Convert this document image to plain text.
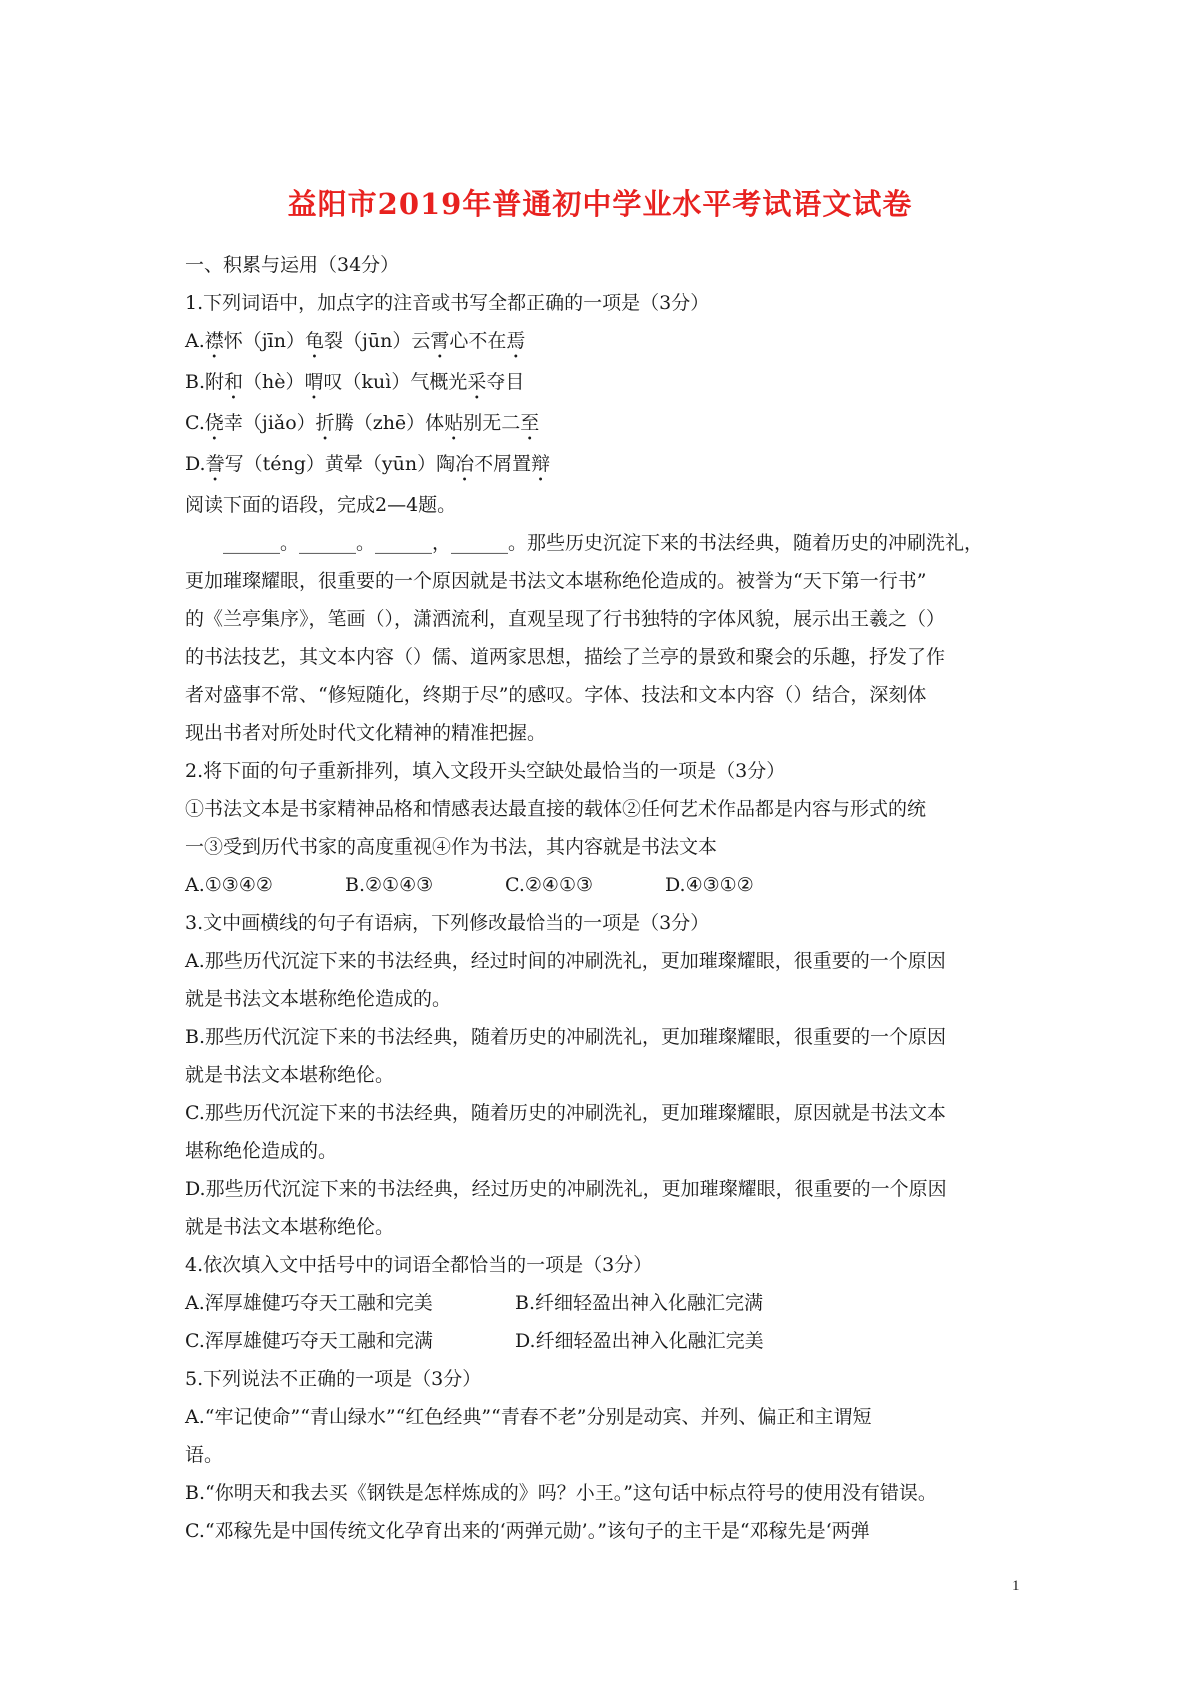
益阳市2019年普通初中学业水平考试语文试卷

一、积累与运用（34分）

1.下列词语中，加点字的注音或书写全都正确的一项是（3分）

A.襟怀（jīn）龟裂（jūn）云霄心不在焉

B.附和（hè）喟叹（kuì）气概光采夺目

C.侥幸（jiǎo）折腾（zhē）体贴别无二至

D.誊写（téng）黄晕（yūn）陶冶不屑置辩

阅读下面的语段，完成2—4题。

______。______。______，______。那些历史沉淀下来的书法经典，随着历史的冲刷洗礼，

更加璀璨耀眼，很重要的一个原因就是书法文本堪称绝伦造成的。被誉为“天下第一行书”

的《兰亭集序》，笔画（），潇洒流利，直观呈现了行书独特的字体风貌，展示出王羲之（）

的书法技艺，其文本内容（）儒、道两家思想，描绘了兰亭的景致和聚会的乐趣，抒发了作

者对盛事不常、“修短随化，终期于尽”的感叹。字体、技法和文本内容（）结合，深刻体

现出书者对所处时代文化精神的精准把握。

2.将下面的句子重新排列，填入文段开头空缺处最恰当的一项是（3分）

①书法文本是书家精神品格和情感表达最直接的载体②任何艺术作品都是内容与形式的统

一③受到历代书家的高度重视④作为书法，其内容就是书法文本

A.①③④②	B.②①④③	C.②④①③	D.④③①②

3.文中画横线的句子有语病，下列修改最恰当的一项是（3分）

A.那些历代沉淀下来的书法经典，经过时间的冲刷洗礼，更加璀璨耀眼，很重要的一个原因

就是书法文本堪称绝伦造成的。

B.那些历代沉淀下来的书法经典，随着历史的冲刷洗礼，更加璀璨耀眼，很重要的一个原因

就是书法文本堪称绝伦。

C.那些历代沉淀下来的书法经典，随着历史的冲刷洗礼，更加璀璨耀眼，原因就是书法文本

堪称绝伦造成的。

D.那些历代沉淀下来的书法经典，经过历史的冲刷洗礼，更加璀璨耀眼，很重要的一个原因

就是书法文本堪称绝伦。

4.依次填入文中括号中的词语全都恰当的一项是（3分）

A.浑厚雄健巧夺天工融和完美	B.纤细轻盈出神入化融汇完满

C.浑厚雄健巧夺天工融和完满	D.纤细轻盈出神入化融汇完美

5.下列说法不正确的一项是（3分）

A.“牢记使命”“青山绿水”“红色经典”“青春不老”分别是动宾、并列、偏正和主谓短

语。

B.“你明天和我去买《钢铁是怎样炼成的》吗？小王。”这句话中标点符号的使用没有错误。

C.“邓稼先是中国传统文化孕育出来的‘两弹元勋’。”该句子的主干是“邓稼先是‘两弹

1
